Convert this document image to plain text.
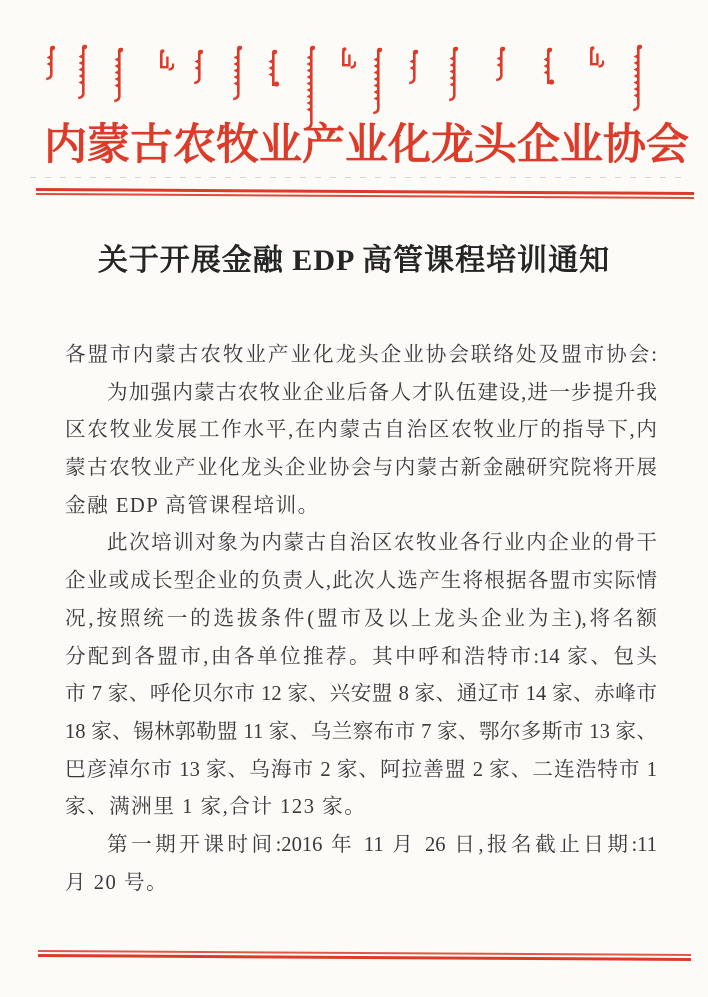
内蒙古农牧业产业化龙头企业协会
关于开展金融 EDP 高管课程培训通知
各盟市内蒙古农牧业产业化龙头企业协会联络处及盟市协会:
为加强内蒙古农牧业企业后备人才队伍建设,进一步提升我
区农牧业发展工作水平,在内蒙古自治区农牧业厅的指导下,内
蒙古农牧业产业化龙头企业协会与内蒙古新金融研究院将开展
金融 EDP 高管课程培训。
此次培训对象为内蒙古自治区农牧业各行业内企业的骨干
企业或成长型企业的负责人,此次人选产生将根据各盟市实际情
况,按照统一的选拔条件(盟市及以上龙头企业为主),将名额
分配到各盟市,由各单位推荐。其中呼和浩特市:14 家、包头
市 7 家、呼伦贝尔市 12 家、兴安盟 8 家、通辽市 14 家、赤峰市
18 家、锡林郭勒盟 11 家、乌兰察布市 7 家、鄂尔多斯市 13 家、
巴彦淖尔市 13 家、乌海市 2 家、阿拉善盟 2 家、二连浩特市 1
家、满洲里 1 家,合计 123 家。
第一期开课时间:2016 年 11 月 26 日,报名截止日期:11
月 20 号。
